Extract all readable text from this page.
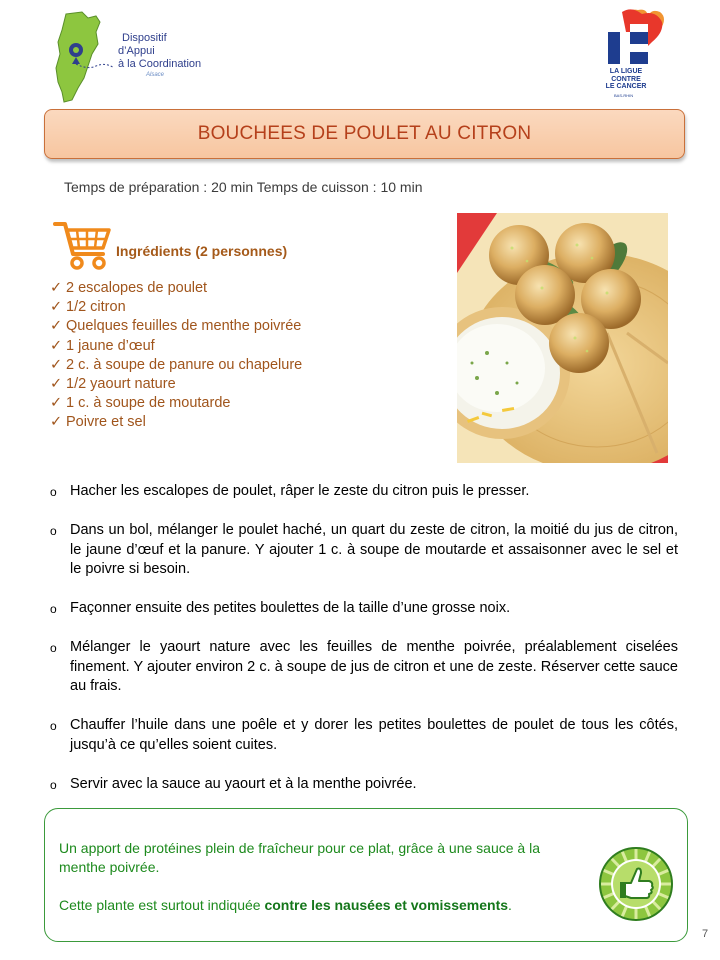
Dispositif
d’Appui
à la Coordination
Alsace	LA LIGUE
CONTRE
LE CANCER
BAS-RHIN
BOUCHEES DE POULET AU CITRON
Temps de préparation : 20 min Temps de cuisson : 10 min
Ingrédients (2 personnes)
✓ 2 escalopes de poulet
✓ 1/2 citron
✓ Quelques feuilles de menthe poivrée
✓ 1 jaune d’œuf
✓ 2 c. à soupe de panure ou chapelure
✓ 1/2 yaourt nature
✓ 1 c. à soupe de moutarde
✓ Poivre et sel
o Hacher les escalopes de poulet, râper le zeste du citron puis le presser.
o Dans un bol, mélanger le poulet haché, un quart du zeste de citron, la moitié du jus de citron, le jaune d’œuf et la panure. Y ajouter 1 c. à soupe de moutarde et assaisonner avec le sel et le poivre si besoin.
o Façonner ensuite des petites boulettes de la taille d’une grosse noix.
o Mélanger le yaourt nature avec les feuilles de menthe poivrée, préalablement ciselées finement. Y ajouter environ 2 c. à soupe de jus de citron et une de zeste. Réserver cette sauce au frais.
o Chauffer l’huile dans une poêle et y dorer les petites boulettes de poulet de tous les côtés, jusqu’à ce qu’elles soient cuites.
o Servir avec la sauce au yaourt et à la menthe poivrée.

Un apport de protéines plein de fraîcheur pour ce plat, grâce à une sauce à la menthe poivrée.

Cette plante est surtout indiquée contre les nausées et vomissements.

7
